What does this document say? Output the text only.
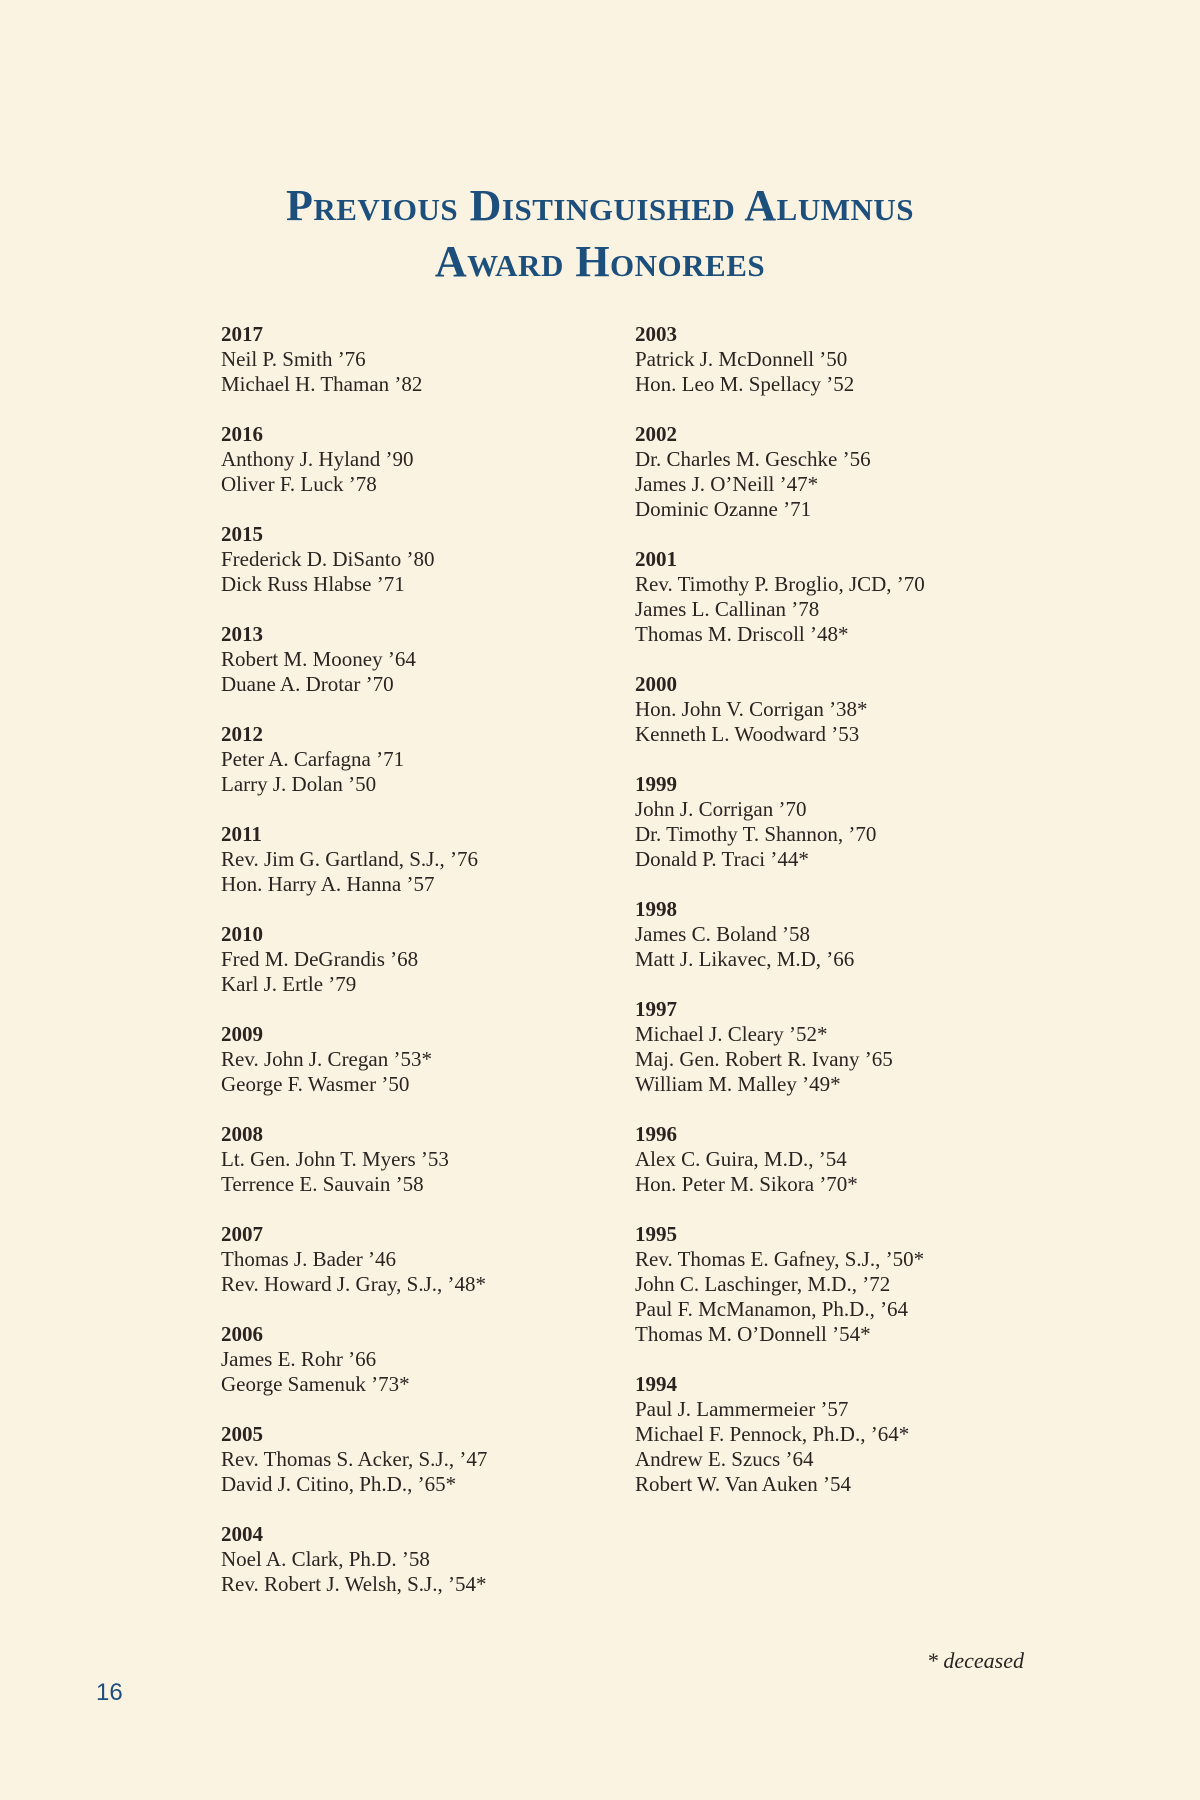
Previous Distinguished Alumnus
Award Honorees
2017
Neil P. Smith ’76
Michael H. Thaman ’82
2016
Anthony J. Hyland ’90
Oliver F. Luck ’78
2015
Frederick D. DiSanto ’80
Dick Russ Hlabse ’71
2013
Robert M. Mooney ’64
Duane A. Drotar ’70
2012
Peter A. Carfagna ’71
Larry J. Dolan ’50
2011
Rev. Jim G. Gartland, S.J., ’76
Hon. Harry A. Hanna ’57
2010
Fred M. DeGrandis ’68
Karl J. Ertle ’79
2009
Rev. John J. Cregan ’53*
George F. Wasmer ’50
2008
Lt. Gen. John T. Myers ’53
Terrence E. Sauvain ’58
2007
Thomas J. Bader ’46
Rev. Howard J. Gray, S.J., ’48*
2006
James E. Rohr ’66
George Samenuk ’73*
2005
Rev. Thomas S. Acker, S.J., ’47
David J. Citino, Ph.D., ’65*
2004
Noel A. Clark, Ph.D. ’58
Rev. Robert J. Welsh, S.J., ’54*
2003
Patrick J. McDonnell ’50
Hon. Leo M. Spellacy ’52
2002
Dr. Charles M. Geschke ’56
James J. O’Neill ’47*
Dominic Ozanne ’71
2001
Rev. Timothy P. Broglio, JCD, ’70
James L. Callinan ’78
Thomas M. Driscoll ’48*
2000
Hon. John V. Corrigan ’38*
Kenneth L. Woodward ’53
1999
John J. Corrigan ’70
Dr. Timothy T. Shannon, ’70
Donald P. Traci ’44*
1998
James C. Boland ’58
Matt J. Likavec, M.D, ’66
1997
Michael J. Cleary ’52*
Maj. Gen. Robert R. Ivany ’65
William M. Malley ’49*
1996
Alex C. Guira, M.D., ’54
Hon. Peter M. Sikora ’70*
1995
Rev. Thomas E. Gafney, S.J., ’50*
John C. Laschinger, M.D., ’72
Paul F. McManamon, Ph.D., ’64
Thomas M. O’Donnell ’54*
1994
Paul J. Lammermeier ’57
Michael F. Pennock, Ph.D., ’64*
Andrew E. Szucs ’64
Robert W. Van Auken ’54
* deceased
16
